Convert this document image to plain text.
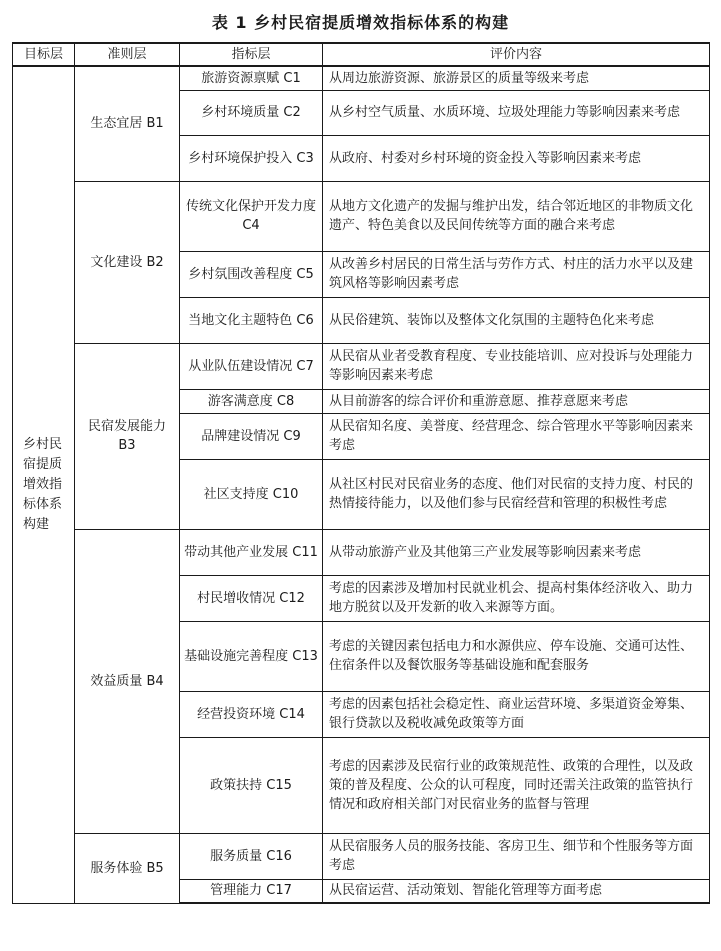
表 1 乡村民宿提质增效指标体系的构建
目标层	准则层	指标层	评价内容
乡村民宿提质增效指标体系构建	生态宜居 B1	旅游资源禀赋 C1	从周边旅游资源、旅游景区的质量等级来考虑
		乡村环境质量 C2	从乡村空气质量、水质环境、垃圾处理能力等影响因素来考虑
		乡村环境保护投入 C3	从政府、村委对乡村环境的资金投入等影响因素来考虑
	文化建设 B2	传统文化保护开发力度 C4	从地方文化遗产的发掘与维护出发，结合邻近地区的非物质文化遗产、特色美食以及民间传统等方面的融合来考虑
		乡村氛围改善程度 C5	从改善乡村居民的日常生活与劳作方式、村庄的活力水平以及建筑风格等影响因素考虑
		当地文化主题特色 C6	从民俗建筑、装饰以及整体文化氛围的主题特色化来考虑
	民宿发展能力 B3	从业队伍建设情况 C7	从民宿从业者受教育程度、专业技能培训、应对投诉与处理能力等影响因素来考虑
		游客满意度 C8	从目前游客的综合评价和重游意愿、推荐意愿来考虑
		品牌建设情况 C9	从民宿知名度、美誉度、经营理念、综合管理水平等影响因素来考虑
		社区支持度 C10	从社区村民对民宿业务的态度、他们对民宿的支持力度、村民的热情接待能力，以及他们参与民宿经营和管理的积极性考虑
	效益质量 B4	带动其他产业发展 C11	从带动旅游产业及其他第三产业发展等影响因素来考虑
		村民增收情况 C12	考虑的因素涉及增加村民就业机会、提高村集体经济收入、助力地方脱贫以及开发新的收入来源等方面。
		基础设施完善程度 C13	考虑的关键因素包括电力和水源供应、停车设施、交通可达性、住宿条件以及餐饮服务等基础设施和配套服务
		经营投资环境 C14	考虑的因素包括社会稳定性、商业运营环境、多渠道资金筹集、银行贷款以及税收减免政策等方面
		政策扶持 C15	考虑的因素涉及民宿行业的政策规范性、政策的合理性，以及政策的普及程度、公众的认可程度，同时还需关注政策的监管执行情况和政府相关部门对民宿业务的监督与管理
	服务体验 B5	服务质量 C16	从民宿服务人员的服务技能、客房卫生、细节和个性服务等方面考虑
		管理能力 C17	从民宿运营、活动策划、智能化管理等方面考虑
